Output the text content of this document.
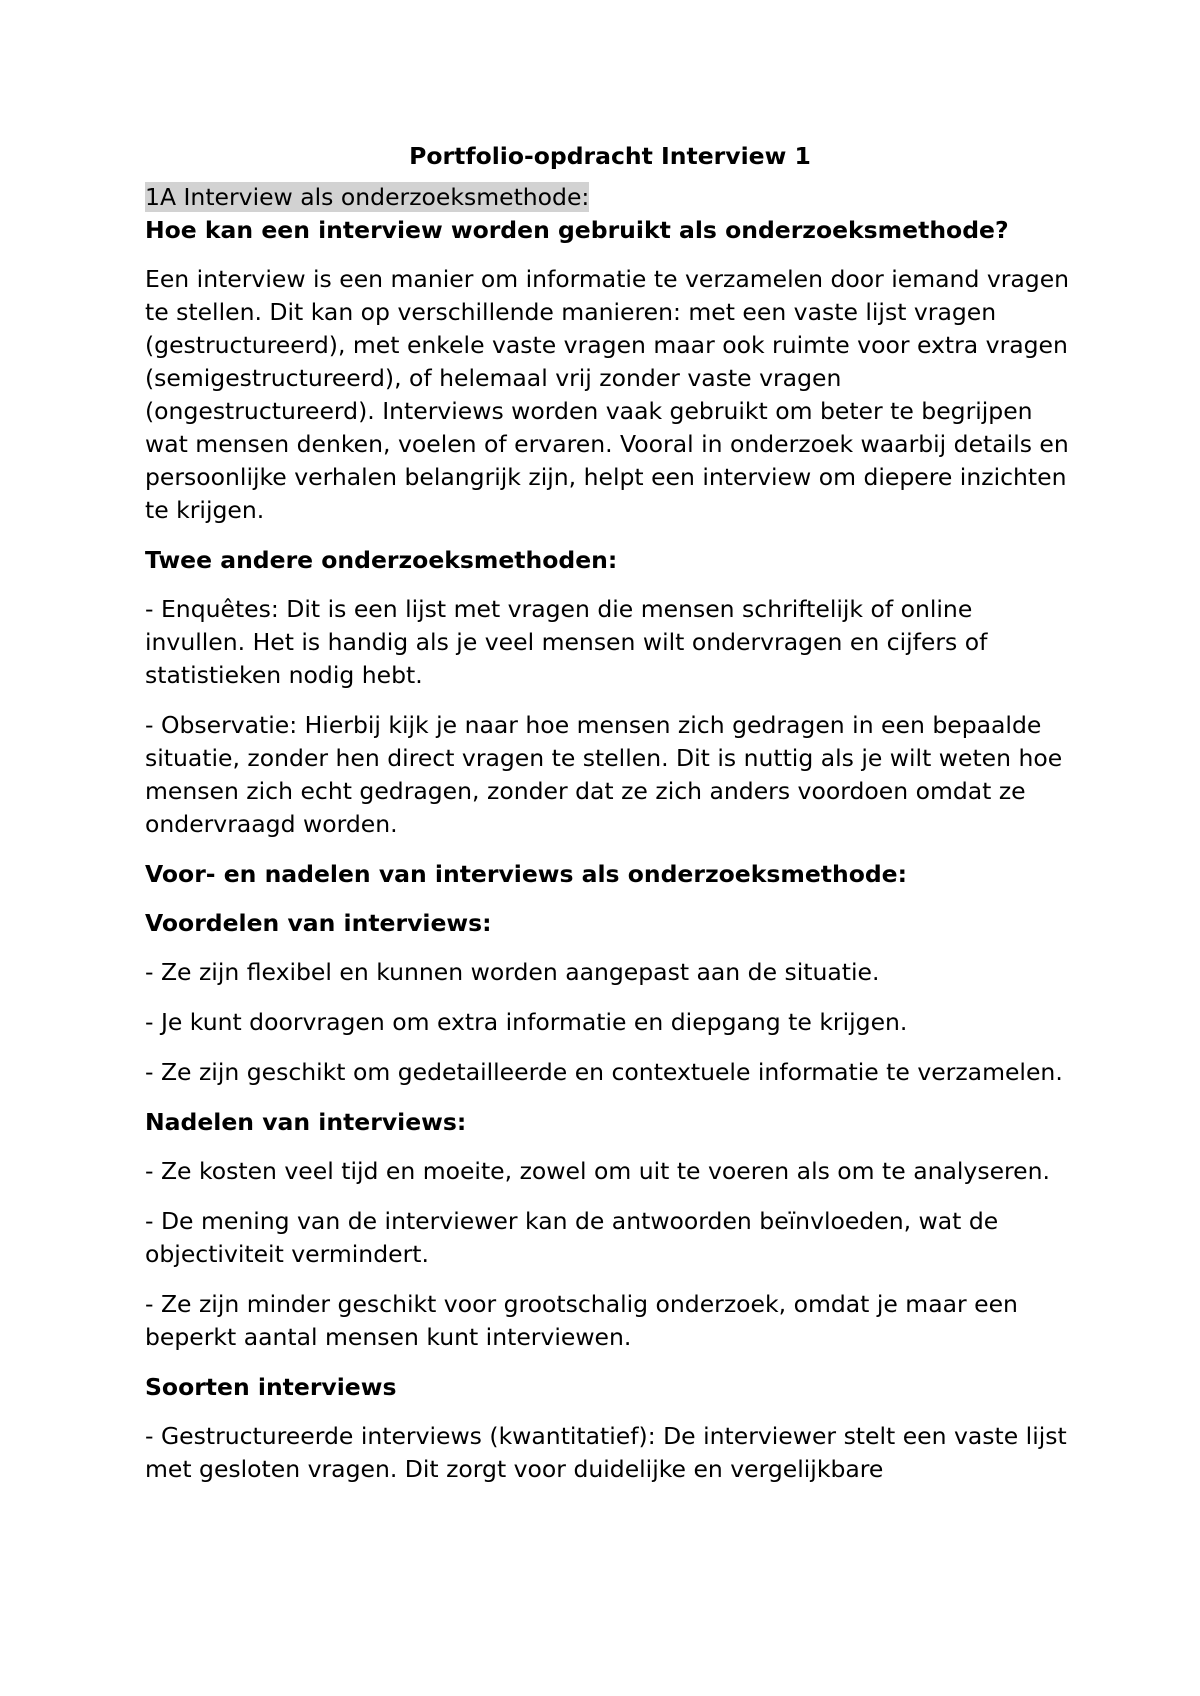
Portfolio-opdracht Interview 1
1A Interview als onderzoeksmethode:
Hoe kan een interview worden gebruikt als onderzoeksmethode?

Een interview is een manier om informatie te verzamelen door iemand vragen te stellen. Dit kan op verschillende manieren: met een vaste lijst vragen (gestructureerd), met enkele vaste vragen maar ook ruimte voor extra vragen (semigestructureerd), of helemaal vrij zonder vaste vragen (ongestructureerd). Interviews worden vaak gebruikt om beter te begrijpen wat mensen denken, voelen of ervaren. Vooral in onderzoek waarbij details en persoonlijke verhalen belangrijk zijn, helpt een interview om diepere inzichten te krijgen.

Twee andere onderzoeksmethoden:

- Enquêtes: Dit is een lijst met vragen die mensen schriftelijk of online invullen. Het is handig als je veel mensen wilt ondervragen en cijfers of statistieken nodig hebt.

- Observatie: Hierbij kijk je naar hoe mensen zich gedragen in een bepaalde situatie, zonder hen direct vragen te stellen. Dit is nuttig als je wilt weten hoe mensen zich echt gedragen, zonder dat ze zich anders voordoen omdat ze ondervraagd worden.

Voor- en nadelen van interviews als onderzoeksmethode:
Voordelen van interviews:

- Ze zijn flexibel en kunnen worden aangepast aan de situatie.

- Je kunt doorvragen om extra informatie en diepgang te krijgen.

- Ze zijn geschikt om gedetailleerde en contextuele informatie te verzamelen.

Nadelen van interviews:

- Ze kosten veel tijd en moeite, zowel om uit te voeren als om te analyseren.

- De mening van de interviewer kan de antwoorden beïnvloeden, wat de objectiviteit vermindert.

- Ze zijn minder geschikt voor grootschalig onderzoek, omdat je maar een beperkt aantal mensen kunt interviewen.

Soorten interviews

- Gestructureerde interviews (kwantitatief): De interviewer stelt een vaste lijst met gesloten vragen. Dit zorgt voor duidelijke en vergelijkbare
